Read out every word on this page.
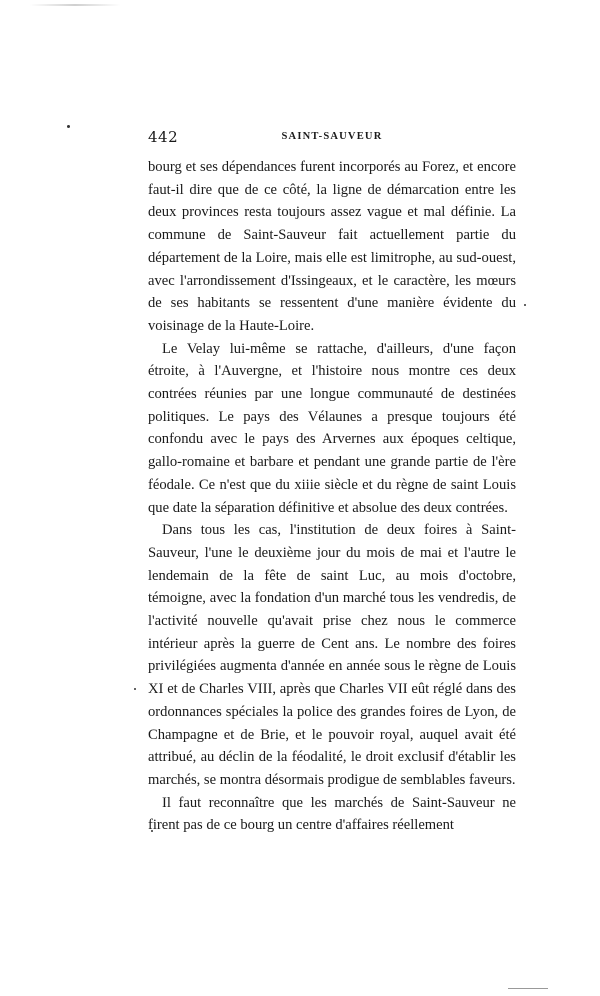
442	SAINT-SAUVEUR

bourg et ses dépendances furent incorporés au Forez, et encore faut-il dire que de ce côté, la ligne de démarcation entre les deux provinces resta toujours assez vague et mal définie. La commune de Saint-Sauveur fait actuellement partie du département de la Loire, mais elle est limitrophe, au sud-ouest, avec l'arrondissement d'Issingeaux, et le caractère, les mœurs de ses habitants se ressentent d'une manière évidente du voisinage de la Haute-Loire.

Le Velay lui-même se rattache, d'ailleurs, d'une façon étroite, à l'Auvergne, et l'histoire nous montre ces deux contrées réunies par une longue communauté de destinées politiques. Le pays des Vélaunes a presque toujours été confondu avec le pays des Arvernes aux époques celtique, gallo-romaine et barbare et pendant une grande partie de l'ère féodale. Ce n'est que du xiiie siècle et du règne de saint Louis que date la séparation définitive et absolue des deux contrées.

Dans tous les cas, l'institution de deux foires à Saint-Sauveur, l'une le deuxième jour du mois de mai et l'autre le lendemain de la fête de saint Luc, au mois d'octobre, témoigne, avec la fondation d'un marché tous les vendredis, de l'activité nouvelle qu'avait prise chez nous le commerce intérieur après la guerre de Cent ans. Le nombre des foires privilégiées augmenta d'année en année sous le règne de Louis XI et de Charles VIII, après que Charles VII eût réglé dans des ordonnances spéciales la police des grandes foires de Lyon, de Champagne et de Brie, et le pouvoir royal, auquel avait été attribué, au déclin de la féodalité, le droit exclusif d'établir les marchés, se montra désormais prodigue de semblables faveurs.

Il faut reconnaître que les marchés de Saint-Sauveur ne firent pas de ce bourg un centre d'affaires réellement
